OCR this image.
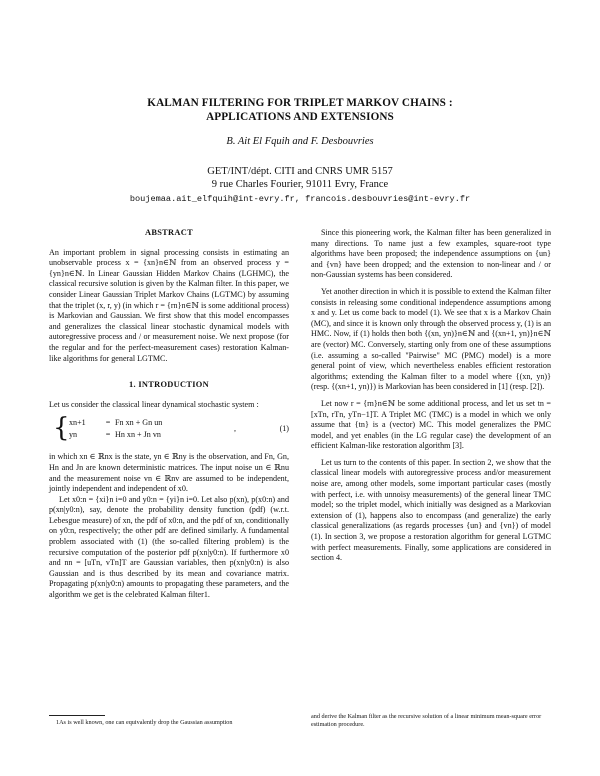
KALMAN FILTERING FOR TRIPLET MARKOV CHAINS :
APPLICATIONS AND EXTENSIONS
B. Ait El Fquih and F. Desbouvries
GET/INT/dépt. CITI and CNRS UMR 5157
9 rue Charles Fourier, 91011 Evry, France
boujemaa.ait_elfquih@int-evry.fr, francois.desbouvries@int-evry.fr
ABSTRACT

An important problem in signal processing consists in estimating an unobservable process x = {xn}n∈ℕ from an observed process y = {yn}n∈ℕ. In Linear Gaussian Hidden Markov Chains (LGHMC), the classical recursive solution is given by the Kalman filter. In this paper, we consider Linear Gaussian Triplet Markov Chains (LGTMC) by assuming that the triplet (x, r, y) (in which r = {rn}n∈ℕ is some additional process) is Markovian and Gaussian. We first show that this model encompasses and generalizes the classical linear stochastic dynamical models with autoregressive process and / or measurement noise. We next propose (for the regular and for the perfect-measurement cases) restoration Kalman-like algorithms for general LGTMC.

1. INTRODUCTION

Let us consider the classical linear dynamical stochastic system :

{ xn+1	= Fn xn + Gn un
yn	= Hn xn + Jn vn
,	(1)

in which xn ∈ ℝnx is the state, yn ∈ ℝny is the observation, and Fn, Gn, Hn and Jn are known deterministic matrices. The input noise un ∈ ℝnu and the measurement noise vn ∈ ℝnv are assumed to be independent, jointly independent and independent of x0.

Let x0:n = {xi}n i=0 and y0:n = {yi}n i=0. Let also p(xn), p(x0:n) and p(xn|y0:n), say, denote the probability density function (pdf) (w.r.t. Lebesgue measure) of xn, the pdf of x0:n, and the pdf of xn, conditionally on y0:n, respectively; the other pdf are defined similarly. A fundamental problem associated with (1) (the so-called filtering problem) is the recursive computation of the posterior pdf p(xn|y0:n). If furthermore x0 and nn = [uTn, vTn]T are Gaussian variables, then p(xn|y0:n) is also Gaussian and is thus described by its mean and covariance matrix. Propagating p(xn|y0:n) amounts to propagating these parameters, and the algorithm we get is the celebrated Kalman filter1.

Since this pioneering work, the Kalman filter has been generalized in many directions. To name just a few examples, square-root type algorithms have been proposed; the independence assumptions on {un} and {vn} have been dropped; and the extension to non-linear and / or non-Gaussian systems has been considered.

Yet another direction in which it is possible to extend the Kalman filter consists in releasing some conditional independence assumptions among x and y. Let us come back to model (1). We see that x is a Markov Chain (MC), and since it is known only through the observed process y, (1) is an HMC. Now, if (1) holds then both {(xn, yn)}n∈ℕ and {(xn+1, yn)}n∈ℕ are (vector) MC. Conversely, starting only from one of these assumptions (i.e. assuming a so-called "Pairwise" MC (PMC) model) is a more general point of view, which nevertheless enables efficient restoration algorithms; extending the Kalman filter to a model where {(xn, yn)} (resp. {(xn+1, yn)}) is Markovian has been considered in [1] (resp. [2]).

Let now r = {rn}n∈ℕ be some additional process, and let us set tn = [xTn, rTn, yTn−1]T. A Triplet MC (TMC) is a model in which we only assume that {tn} is a (vector) MC. This model generalizes the PMC model, and yet enables (in the LG regular case) the development of an efficient Kalman-like restoration algorithm [3].

Let us turn to the contents of this paper. In section 2, we show that the classical linear models with autoregressive process and/or measurement noise are, among other models, some important particular cases (mostly with perfect, i.e. with unnoisy measurements) of the general linear TMC model; so the triplet model, which initially was designed as a Markovian extension of (1), happens also to encompass (and generalize) the early classical generalizations (as regards processes {un} and {vn}) of model (1). In section 3, we propose a restoration algorithm for general LGTMC with perfect measurements. Finally, some applications are considered in section 4.

1As is well known, one can equivalently drop the Gaussian assumption
and derive the Kalman filter as the recursive solution of a linear minimum mean-square error estimation procedure.
